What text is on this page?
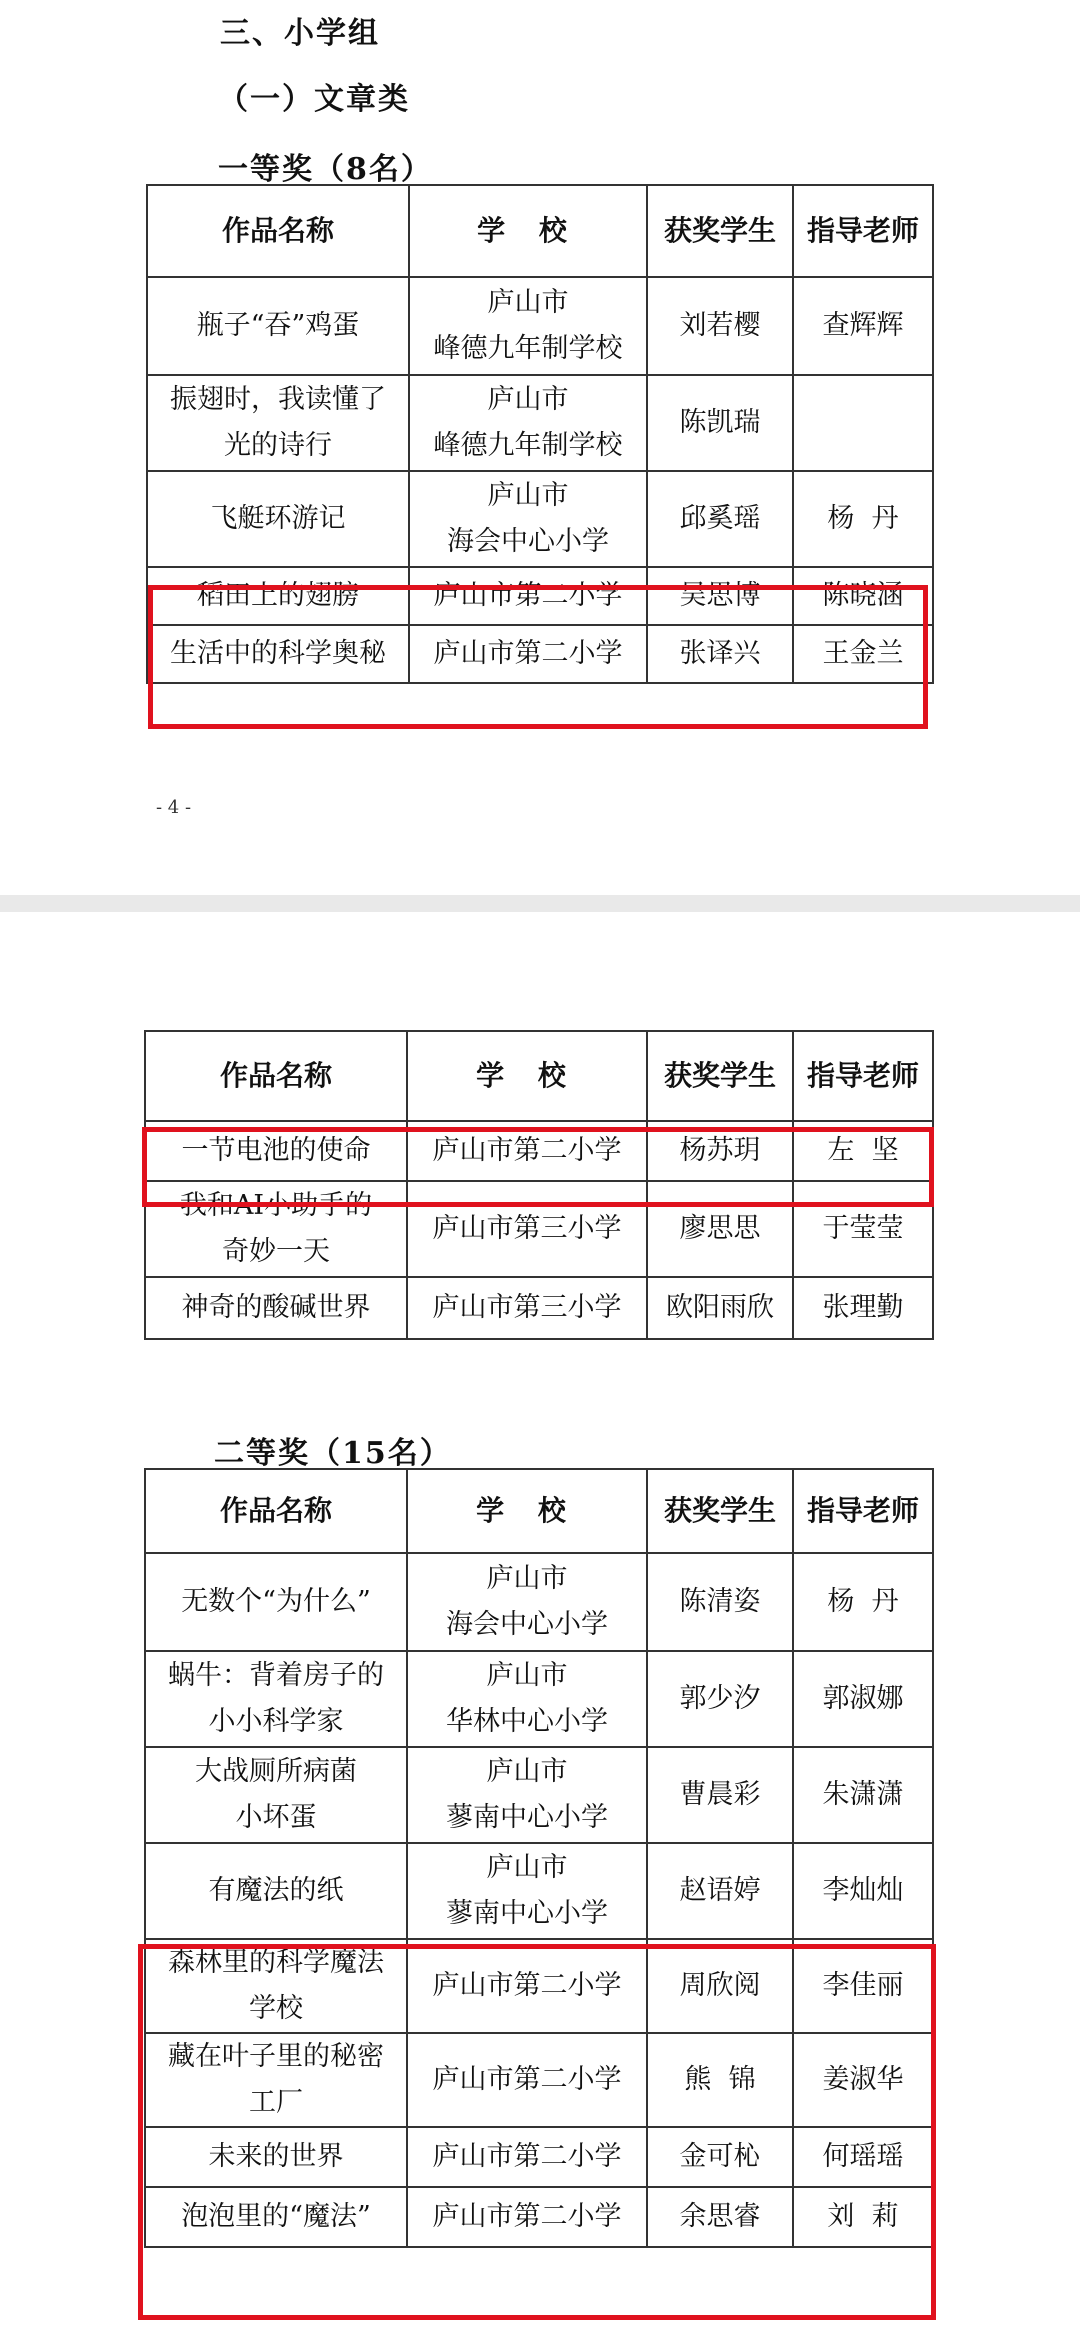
三、小学组
（一）文章类
一等奖（8名）
作品名称	学 校	获奖学生	指导老师

瓶子“吞”鸡蛋	庐山市
峰德九年制学校	刘若樱	查辉辉

振翅时，我读懂了
光的诗行	庐山市
峰德九年制学校	陈凯瑞	

飞艇环游记	庐山市
海会中心小学	邱奚瑶	杨  丹

稻田上的翅膀	庐山市第二小学	吴思博	陈晓涵

生活中的科学奥秘	庐山市第二小学	张译兴	王金兰
- 4 -
作品名称	学 校	获奖学生	指导老师

一节电池的使命	庐山市第二小学	杨苏玥	左  坚

我和AI小助手的
奇妙一天	庐山市第三小学	廖思思	于莹莹

神奇的酸碱世界	庐山市第三小学	欧阳雨欣	张理勤
二等奖（15名）
作品名称	学 校	获奖学生	指导老师

无数个“为什么”	庐山市
海会中心小学	陈清姿	杨  丹

蜗牛：背着房子的
小小科学家	庐山市
华林中心小学	郭少汐	郭淑娜

大战厕所病菌
小坏蛋	庐山市
蓼南中心小学	曹晨彩	朱潇潇

有魔法的纸	庐山市
蓼南中心小学	赵语婷	李灿灿

森林里的科学魔法
学校	庐山市第二小学	周欣阅	李佳丽

藏在叶子里的秘密
工厂	庐山市第二小学	熊  锦	姜淑华

未来的世界	庐山市第二小学	金可杺	何瑶瑶

泡泡里的“魔法”	庐山市第二小学	余思睿	刘  莉
